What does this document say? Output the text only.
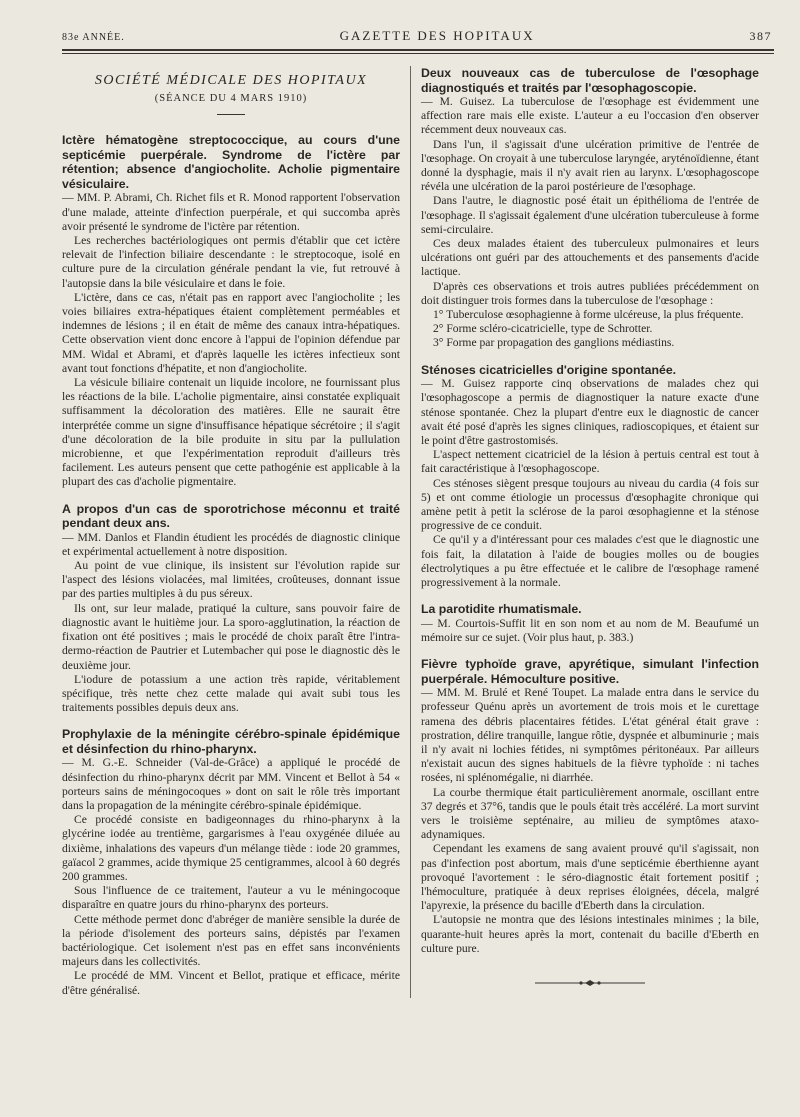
83e ANNÉE.	GAZETTE DES HOPITAUX	387
SOCIÉTÉ MÉDICALE DES HOPITAUX
(SÉANCE DU 4 MARS 1910)
Ictère hématogène streptococcique, au cours d'une septicémie puerpérale. Syndrome de l'ictère par rétention; absence d'angiocholite. Acholie pigmentaire vésiculaire.

— MM. P. Abrami, Ch. Richet fils et R. Monod rapportent l'observation d'une malade, atteinte d'infection puerpérale, et qui succomba après avoir présenté le syndrome de l'ictère par rétention.

Les recherches bactériologiques ont permis d'établir que cet ictère relevait de l'infection biliaire descendante : le streptocoque, isolé en culture pure de la circulation générale pendant la vie, fut retrouvé à l'autopsie dans la bile vésiculaire et dans le foie.

L'ictère, dans ce cas, n'était pas en rapport avec l'angiocholite ; les voies biliaires extra-hépatiques étaient complètement perméables et indemnes de lésions ; il en était de même des canaux intra-hépatiques. Cette observation vient donc encore à l'appui de l'opinion défendue par MM. Widal et Abrami, et d'après laquelle les ictères infectieux sont avant tout fonctions d'hépatite, et non d'angiocholite.

La vésicule biliaire contenait un liquide incolore, ne fournissant plus les réactions de la bile. L'acholie pigmentaire, ainsi constatée expliquait suffisamment la décoloration des matières. Elle ne saurait être interprétée comme un signe d'insuffisance hépatique sécrétoire ; il s'agit d'une décoloration de la bile produite in situ par la pullulation microbienne, et que l'expérimentation reproduit d'ailleurs très facilement. Les auteurs pensent que cette pathogénie est applicable à la plupart des cas d'acholie pigmentaire.

A propos d'un cas de sporotrichose méconnu et traité pendant deux ans.

— MM. Danlos et Flandin étudient les procédés de diagnostic clinique et expérimental actuellement à notre disposition.

Au point de vue clinique, ils insistent sur l'évolution rapide sur l'aspect des lésions violacées, mal limitées, croûteuses, donnant issue par des parties multiples à du pus séreux.

Ils ont, sur leur malade, pratiqué la culture, sans pouvoir faire de diagnostic avant le huitième jour. La sporo-agglutination, la réaction de fixation ont été positives ; mais le procédé de choix paraît être l'intra-dermo-réaction de Pautrier et Lutembacher qui pose le diagnostic dès le deuxième jour.

L'iodure de potassium a une action très rapide, véritablement spécifique, très nette chez cette malade qui avait subi tous les traitements possibles depuis deux ans.

Prophylaxie de la méningite cérébro-spinale épidémique et désinfection du rhino-pharynx.

— M. G.-E. Schneider (Val-de-Grâce) a appliqué le procédé de désinfection du rhino-pharynx décrit par MM. Vincent et Bellot à 54 « porteurs sains de méningocoques » dont on sait le rôle très important dans la propagation de la méningite cérébro-spinale épidémique.

Ce procédé consiste en badigeonnages du rhino-pharynx à la glycérine iodée au trentième, gargarismes à l'eau oxygénée diluée au dixième, inhalations des vapeurs d'un mélange tiède : iode 20 grammes, gaïacol 2 grammes, acide thymique 25 centigrammes, alcool à 60 degrés 200 grammes.

Sous l'influence de ce traitement, l'auteur a vu le méningocoque disparaître en quatre jours du rhino-pharynx des porteurs.

Cette méthode permet donc d'abréger de manière sensible la durée de la période d'isolement des porteurs sains, dépistés par l'examen bactériologique. Cet isolement n'est pas en effet sans inconvénients majeurs dans les collectivités.

Le procédé de MM. Vincent et Bellot, pratique et efficace, mérite d'être généralisé.

Deux nouveaux cas de tuberculose de l'œsophage diagnostiqués et traités par l'œsophagoscopie.

— M. Guisez. La tuberculose de l'œsophage est évidemment une affection rare mais elle existe. L'auteur a eu l'occasion d'en observer récemment deux nouveaux cas.

Dans l'un, il s'agissait d'une ulcération primitive de l'entrée de l'œsophage. On croyait à une tuberculose laryngée, aryténoïdienne, étant donné la dysphagie, mais il n'y avait rien au larynx. L'œsophagoscope révéla une ulcération de la paroi postérieure de l'œsophage.

Dans l'autre, le diagnostic posé était un épithélioma de l'entrée de l'œsophage. Il s'agissait également d'une ulcération tuberculeuse à forme semi-circulaire.

Ces deux malades étaient des tuberculeux pulmonaires et leurs ulcérations ont guéri par des attouchements et des pansements d'acide lactique.

D'après ces observations et trois autres publiées précédemment on doit distinguer trois formes dans la tuberculose de l'œsophage :

1° Tuberculose œsophagienne à forme ulcéreuse, la plus fréquente.

2° Forme scléro-cicatricielle, type de Schrotter.

3° Forme par propagation des ganglions médiastins.

Sténoses cicatricielles d'origine spontanée.

— M. Guisez rapporte cinq observations de malades chez qui l'œsophagoscope a permis de diagnostiquer la nature exacte d'une sténose spontanée. Chez la plupart d'entre eux le diagnostic de cancer avait été posé d'après les signes cliniques, radioscopiques, et étaient sur le point d'être gastrostomisés.

L'aspect nettement cicatriciel de la lésion à pertuis central est tout à fait caractéristique à l'œsophagoscope.

Ces sténoses siègent presque toujours au niveau du cardia (4 fois sur 5) et ont comme étiologie un processus d'œsophagite chronique qui amène petit à petit la sclérose de la paroi œsophagienne et la sténose progressive de ce conduit.

Ce qu'il y a d'intéressant pour ces malades c'est que le diagnostic une fois fait, la dilatation à l'aide de bougies molles ou de bougies électrolytiques a pu être effectuée et le calibre de l'œsophage ramené progressivement à la normale.

La parotidite rhumatismale.

— M. Courtois-Suffit lit en son nom et au nom de M. Beaufumé un mémoire sur ce sujet. (Voir plus haut, p. 383.)

Fièvre typhoïde grave, apyrétique, simulant l'infection puerpérale. Hémoculture positive.

— MM. M. Brulé et René Toupet. La malade entra dans le service du professeur Quénu après un avortement de trois mois et le curettage ramena des débris placentaires fétides. L'état général était grave : prostration, délire tranquille, langue rôtie, dyspnée et albuminurie ; mais il n'y avait ni lochies fétides, ni symptômes péritonéaux. Par ailleurs n'existait aucun des signes habituels de la fièvre typhoïde : ni taches rosées, ni splénomégalie, ni diarrhée.

La courbe thermique était particulièrement anormale, oscillant entre 37 degrés et 37°6, tandis que le pouls était très accéléré. La mort survint vers le troisième septénaire, au milieu de symptômes ataxo-adynamiques.

Cependant les examens de sang avaient prouvé qu'il s'agissait, non pas d'infection post abortum, mais d'une septicémie éberthienne ayant provoqué l'avortement : le séro-diagnostic était fortement positif ; l'hémoculture, pratiquée à deux reprises éloignées, décela, malgré l'apyrexie, la présence du bacille d'Eberth dans la circulation.

L'autopsie ne montra que des lésions intestinales minimes ; la bile, quarante-huit heures après la mort, contenait du bacille d'Eberth en culture pure.
